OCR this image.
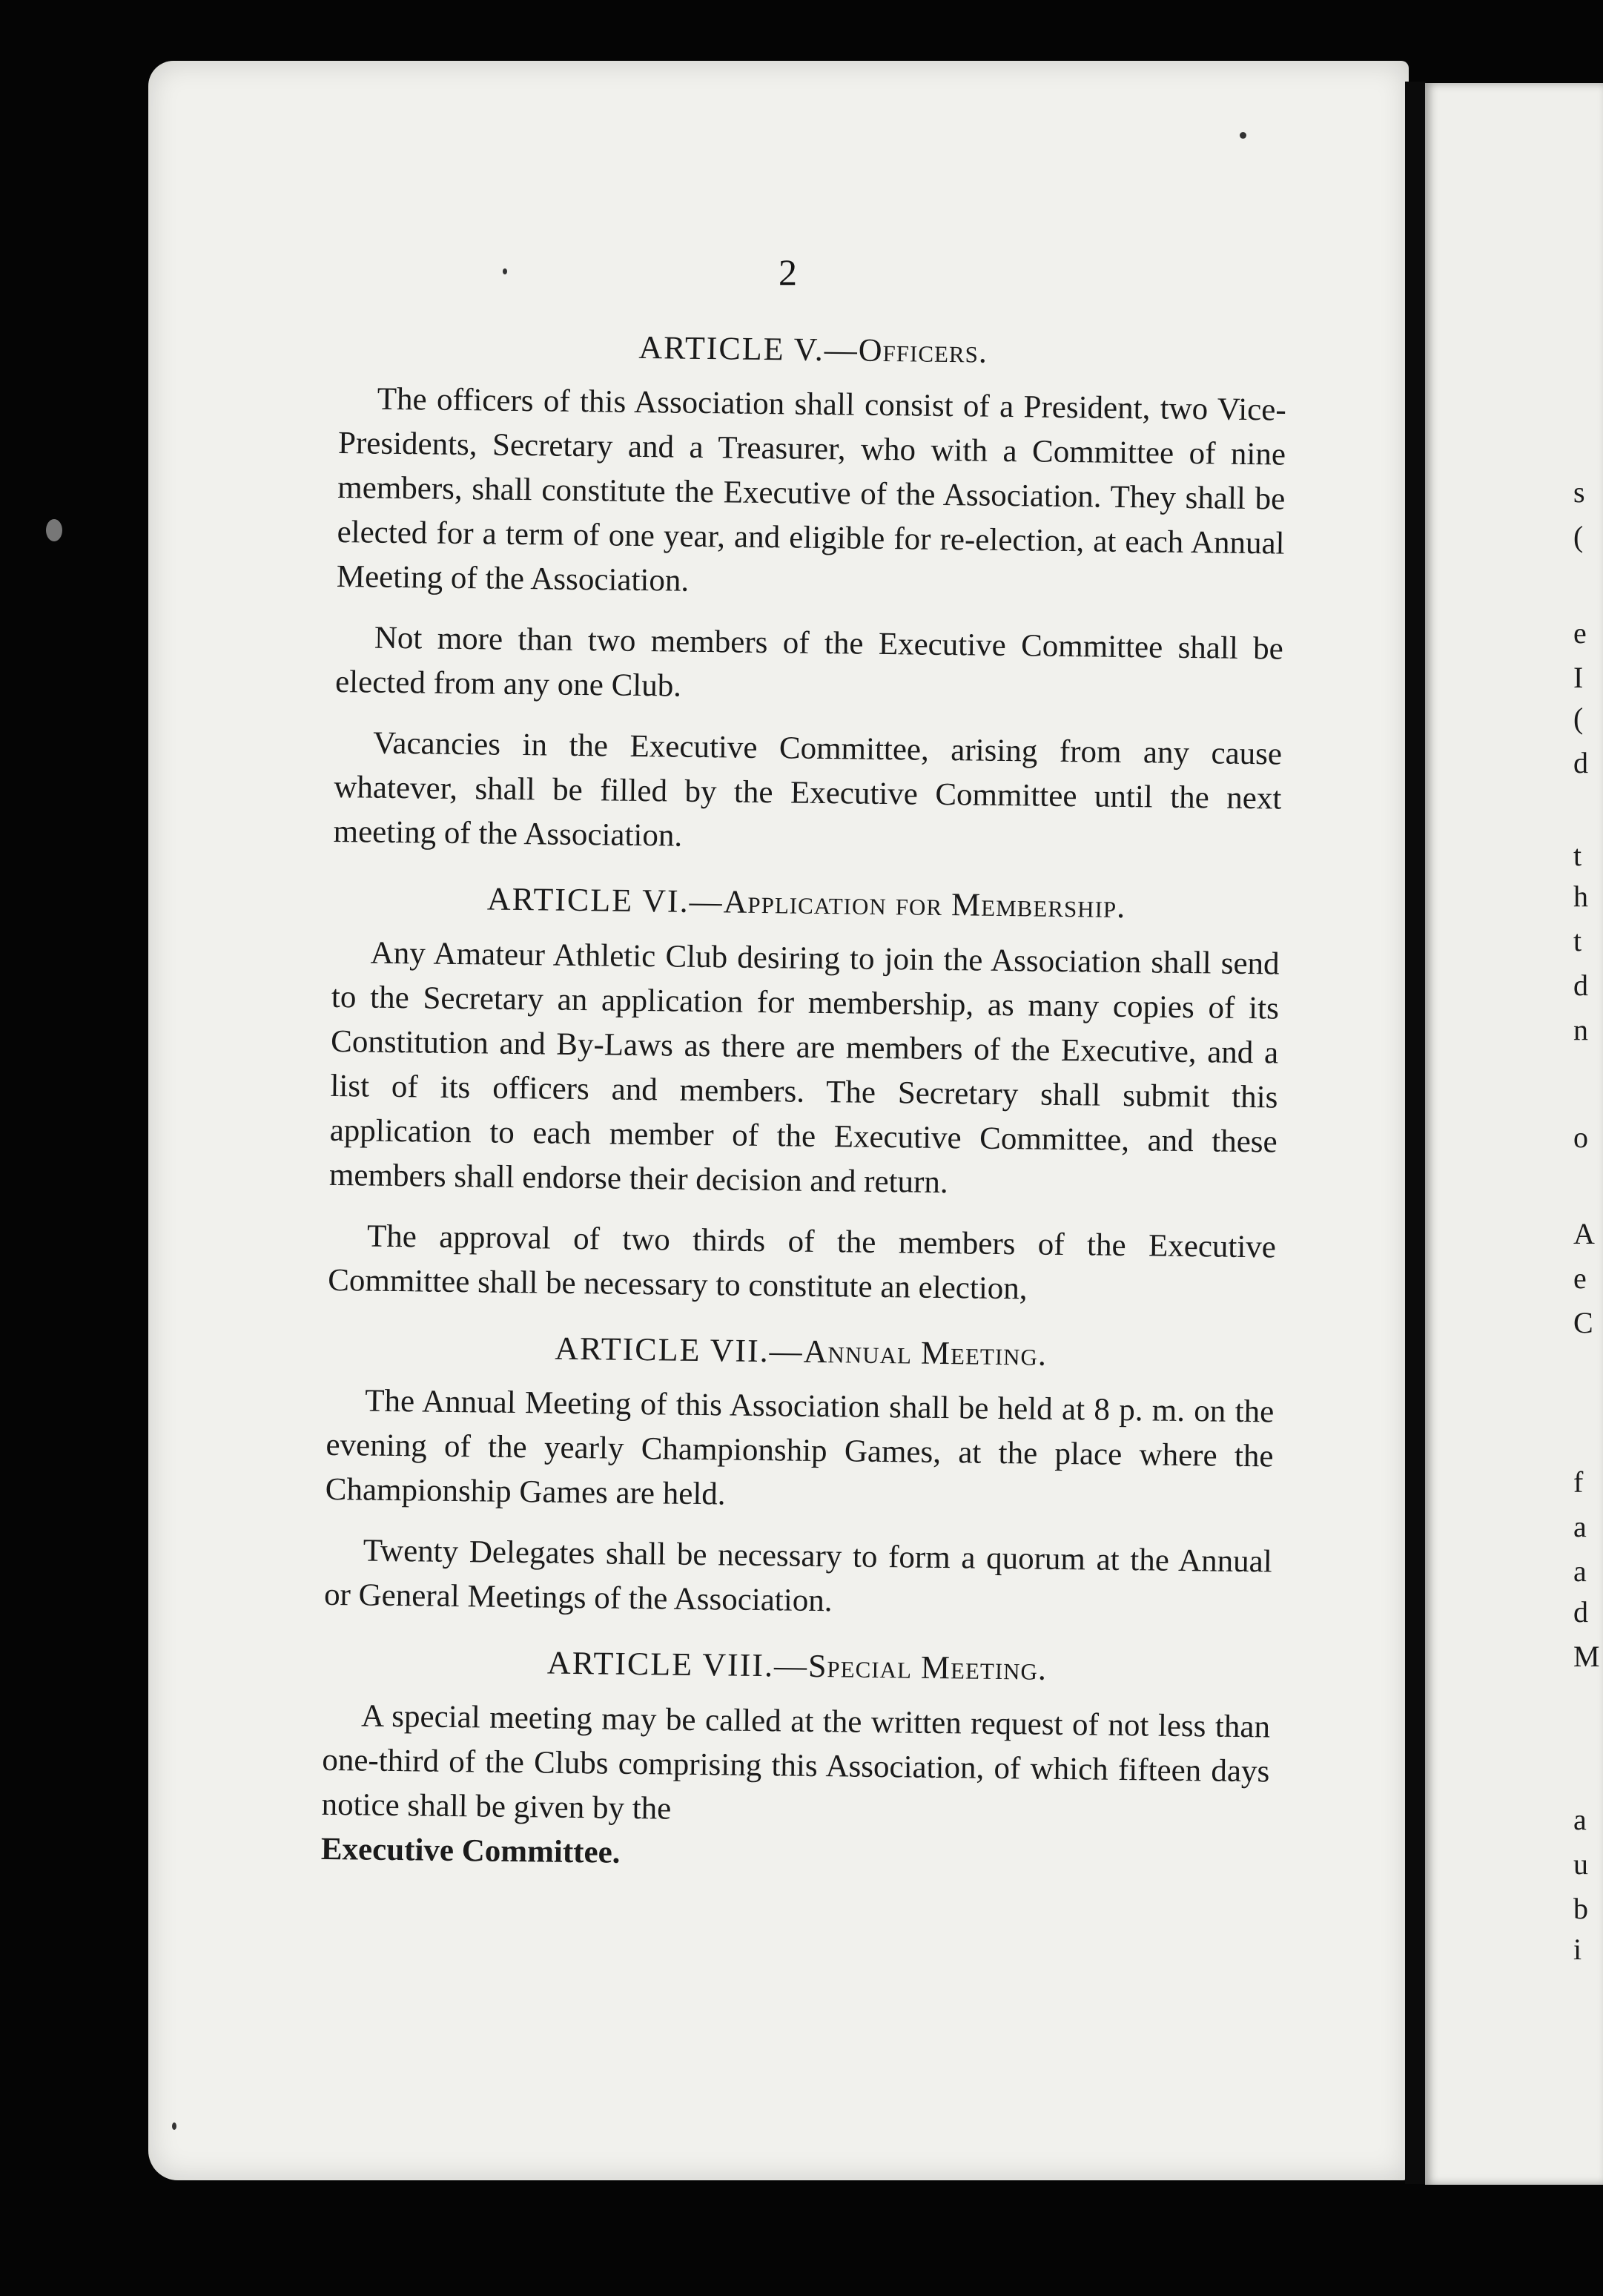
2
ARTICLE V.—Officers.

The officers of this Association shall consist of a President, two Vice-Presidents, Secretary and a Treasurer, who with a Committee of nine members, shall constitute the Executive of the Association. They shall be elected for a term of one year, and eligible for re-election, at each Annual Meeting of the Association.

Not more than two members of the Executive Committee shall be elected from any one Club.

Vacancies in the Executive Committee, arising from any cause whatever, shall be filled by the Executive Committee until the next meeting of the Association.

ARTICLE VI.—Application for Membership.

Any Amateur Athletic Club desiring to join the Association shall send to the Secretary an application for membership, as many copies of its Constitution and By-Laws as there are members of the Executive, and a list of its officers and members. The Secretary shall submit this application to each member of the Executive Committee, and these members shall endorse their decision and return.

The approval of two thirds of the members of the Executive Committee shall be necessary to constitute an election,

ARTICLE VII.—Annual Meeting.

The Annual Meeting of this Association shall be held at 8 p. m. on the evening of the yearly Championship Games, at the place where the Championship Games are held.

Twenty Delegates shall be necessary to form a quorum at the Annual or General Meetings of the Association.

ARTICLE VIII.—Special Meeting.

A special meeting may be called at the written request of not less than one-third of the Clubs comprising this Association, of which fifteen days notice shall be given by the

Executive Committee.

s
(
e
I
(
d
t
h
t
d
n
o
A
e
C
f
a
a
d
M
a
u
b
i
